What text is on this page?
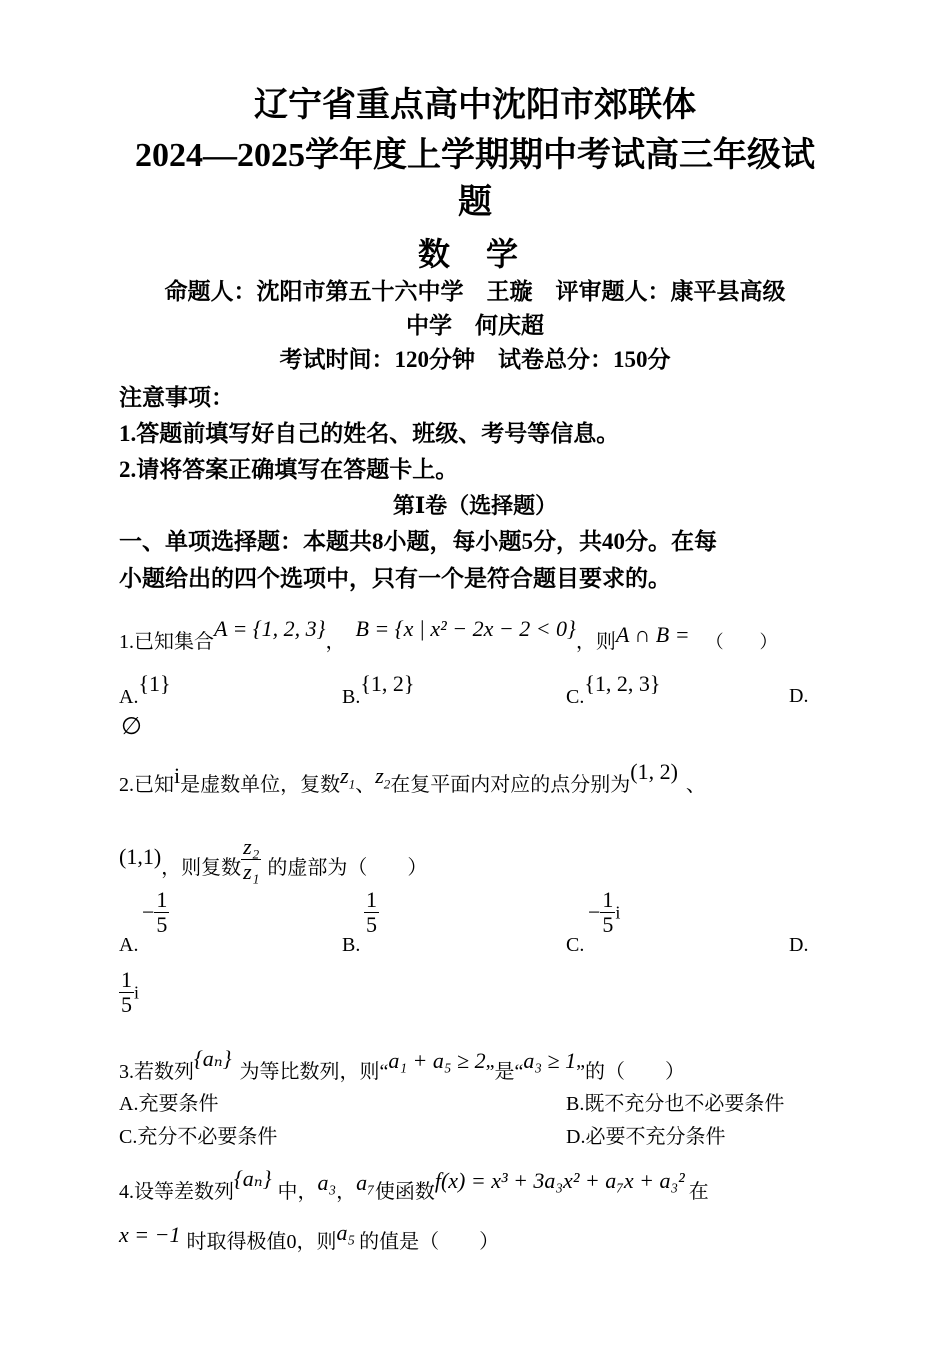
辽宁省重点高中沈阳市郊联体
2024—2025学年度上学期期中考试高三年级试
题
数 学
命题人：沈阳市第五十六中学　王璇　评审题人：康平县高级
中学　何庆超
考试时间：120分钟　试卷总分：150分
注意事项：
1.答题前填写好自己的姓名、班级、考号等信息。
2.请将答案正确填写在答题卡上。
第Ⅰ卷（选择题）
一、单项选择题：本题共8小题，每小题5分，共40分。在每
小题给出的四个选项中，只有一个是符合题目要求的。
1.已知集合A = {1, 2, 3}，B = {x | x² − 2x − 2 < 0}，则A ∩ B = （　　）
A.{1}
B.{1, 2}
C.{1, 2, 3}	D.
∅
2.已知i是虚数单位，复数$z_1$、$z_2$在复平面内对应的点分别为(1, 2)、
(1,1)，则复数 $\frac{\text{z₂}}{\text{z₁}}$ 的虚部为（　　）
A.
− $\frac{1}{5}$
B.
$\frac{1}{5}$
C.
− $\frac{1}{5}$ i
D.
$\frac{1}{5}$ i
3.若数列{aₙ}为等比数列，则“a₁ + a₅ ≥ 2”是“a₃ ≥ 1”的（　　）
A.充要条件	B.既不充分也不必要条件
C.充分不必要条件	D.必要不充分条件
4.设等差数列{aₙ}中，a₃，a₇使函数f(x) = x³ + 3a₃x² + a₇x + a₃² 在
x = −1 时取得极值0，则a₅ 的值是（　　）
